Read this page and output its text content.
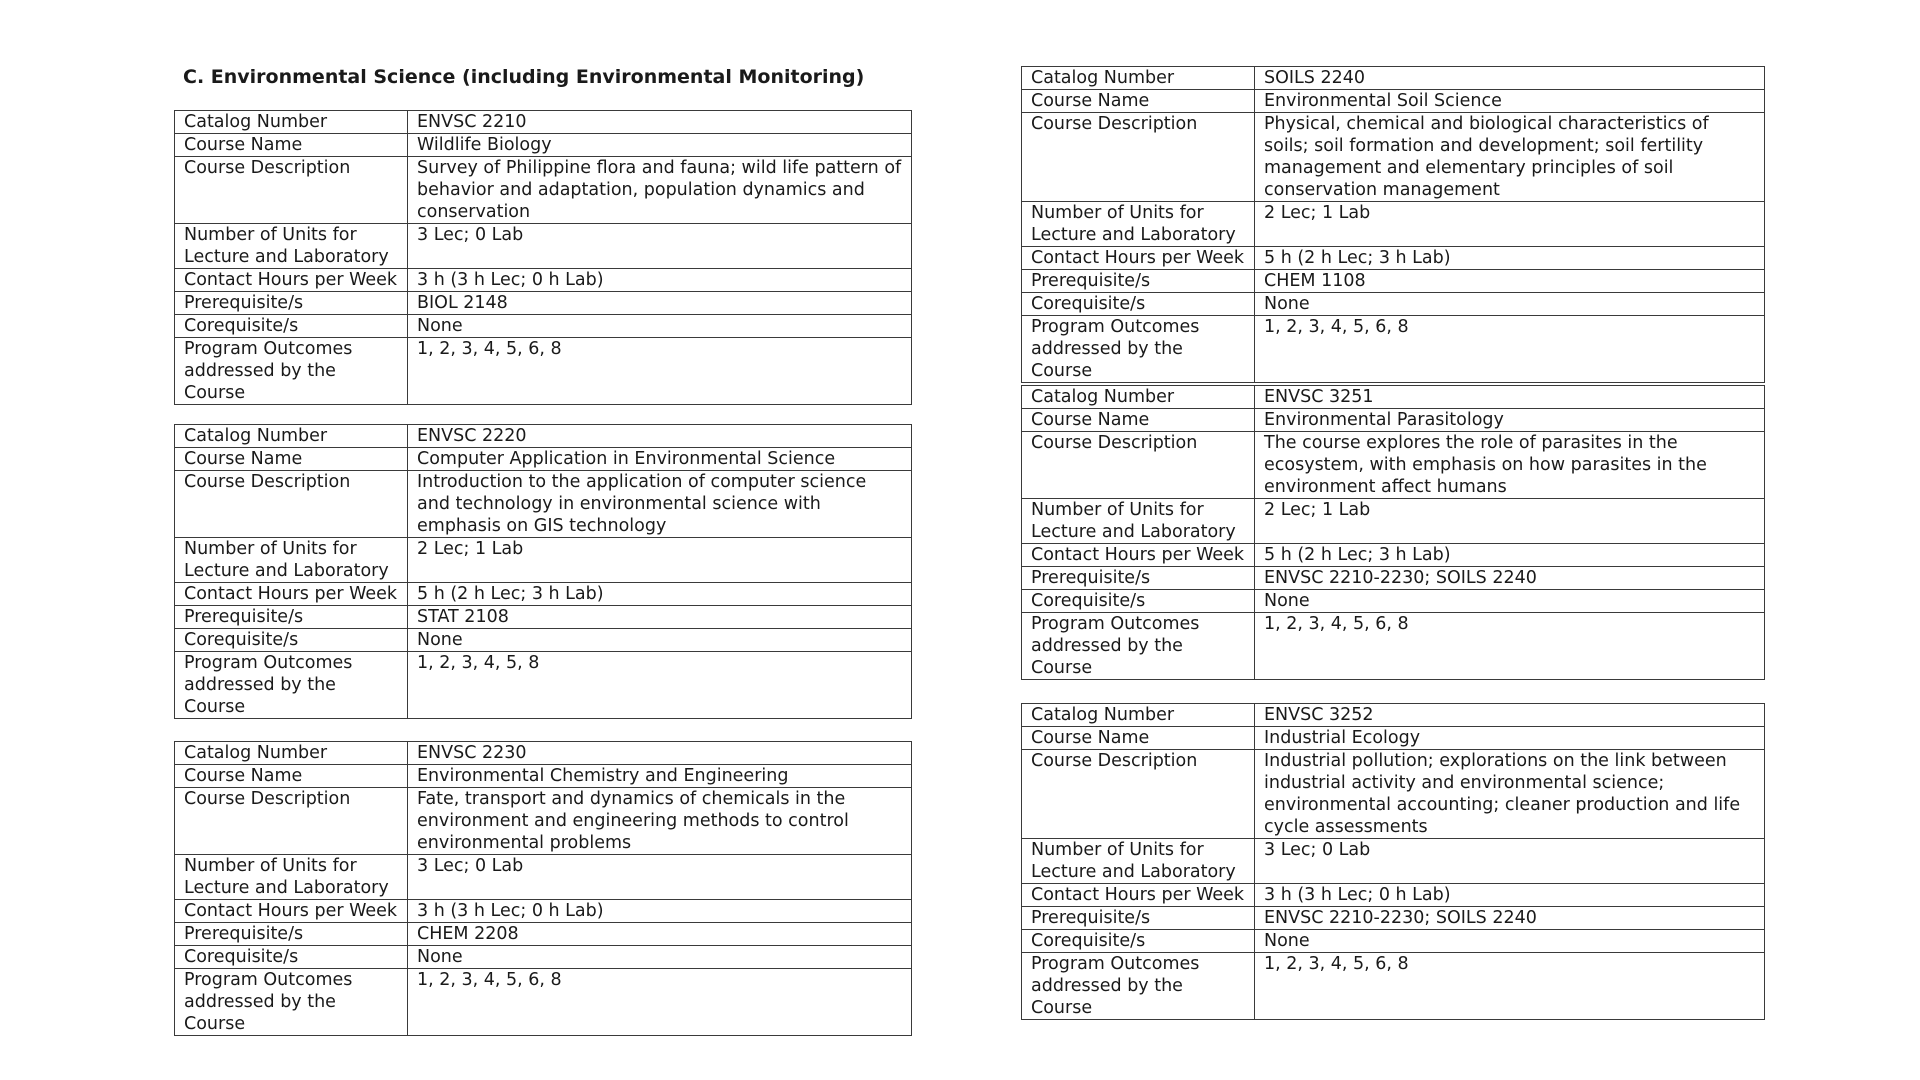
C. Environmental Science (including Environmental Monitoring)
Catalog Number	ENVSC 2210
Course Name	Wildlife Biology
Course Description	Survey of Philippine flora and fauna; wild life pattern of behavior and adaptation, population dynamics and conservation
Number of Units for Lecture and Laboratory	3 Lec; 0 Lab
Contact Hours per Week	3 h (3 h Lec; 0 h Lab)
Prerequisite/s	BIOL 2148
Corequisite/s	None
Program Outcomes addressed by the Course	1, 2, 3, 4, 5, 6, 8
Catalog Number	ENVSC 2220
Course Name	Computer Application in Environmental Science
Course Description	Introduction to the application of computer science and technology in environmental science with emphasis on GIS technology
Number of Units for Lecture and Laboratory	2 Lec; 1 Lab
Contact Hours per Week	5 h (2 h Lec; 3 h Lab)
Prerequisite/s	STAT 2108
Corequisite/s	None
Program Outcomes addressed by the Course	1, 2, 3, 4, 5, 8
Catalog Number	ENVSC 2230
Course Name	Environmental Chemistry and Engineering
Course Description	Fate, transport and dynamics of chemicals in the environment and engineering methods to control environmental problems
Number of Units for Lecture and Laboratory	3 Lec; 0 Lab
Contact Hours per Week	3 h (3 h Lec; 0 h Lab)
Prerequisite/s	CHEM 2208
Corequisite/s	None
Program Outcomes addressed by the Course	1, 2, 3, 4, 5, 6, 8
Catalog Number	SOILS 2240
Course Name	Environmental Soil Science
Course Description	Physical, chemical and biological characteristics of soils; soil formation and development; soil fertility management and elementary principles of soil conservation management
Number of Units for Lecture and Laboratory	2 Lec; 1 Lab
Contact Hours per Week	5 h (2 h Lec; 3 h Lab)
Prerequisite/s	CHEM 1108
Corequisite/s	None
Program Outcomes addressed by the Course	1, 2, 3, 4, 5, 6, 8
Catalog Number	ENVSC 3251
Course Name	Environmental Parasitology
Course Description	The course explores the role of parasites in the ecosystem, with emphasis on how parasites in the environment affect humans
Number of Units for Lecture and Laboratory	2 Lec; 1 Lab
Contact Hours per Week	5 h (2 h Lec; 3 h Lab)
Prerequisite/s	ENVSC 2210-2230; SOILS 2240
Corequisite/s	None
Program Outcomes addressed by the Course	1, 2, 3, 4, 5, 6, 8
Catalog Number	ENVSC 3252
Course Name	Industrial Ecology
Course Description	Industrial pollution; explorations on the link between industrial activity and environmental science; environmental accounting; cleaner production and life cycle assessments
Number of Units for Lecture and Laboratory	3 Lec; 0 Lab
Contact Hours per Week	3 h (3 h Lec; 0 h Lab)
Prerequisite/s	ENVSC 2210-2230; SOILS 2240
Corequisite/s	None
Program Outcomes addressed by the Course	1, 2, 3, 4, 5, 6, 8
